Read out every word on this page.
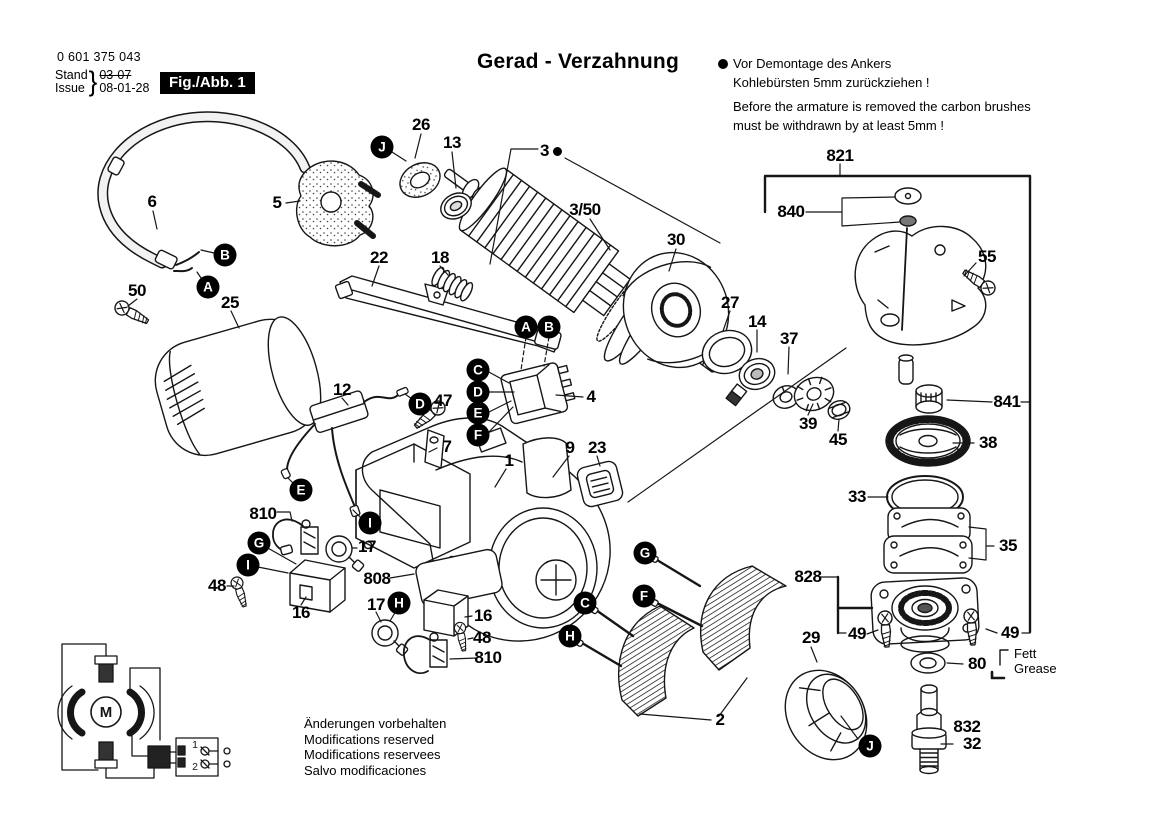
M
1
2
0 601 375 043
Stand
Issue } 03-07
08-01-28	Fig./Abb. 1
Gerad - Verzahnung	Vor Demontage des Ankers
Kohlebürsten 5mm zurückziehen !
Before the armature is removed the carbon brushes
must be withdrawn by at least 5mm !
Fett
Grease
Änderungen vorbehalten
Modifications reserved
Modifications reservees
Salvo modificaciones
26
13	3
3/50
30
27
14
37
39
45
821
840
55
841
38
33
35
828
49	49
80
832
32
29
6	5
50
25
22	18
12
47
7
4
9 23
1
810
17
48
16
808
17
16
48
810
2
J
B
A
A B
C
D
E
F
D
E
I
G
I
H
G
F
C
H
J
